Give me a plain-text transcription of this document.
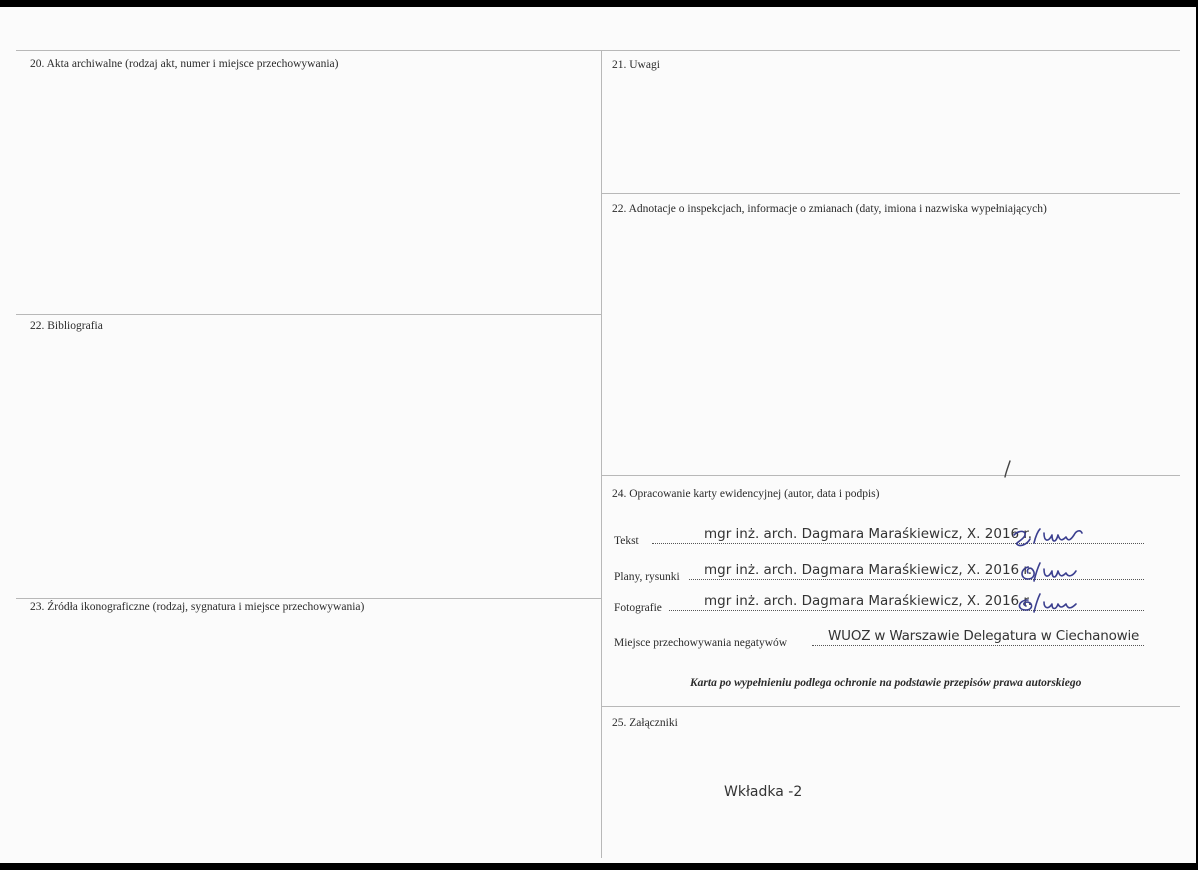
20. Akta archiwalne (rodzaj akt, numer i miejsce przechowywania)	21. Uwagi
22. Adnotacje o inspekcjach, informacje o zmianach (daty, imiona i nazwiska wypełniających)
22. Bibliografia
23. Źródła ikonograficzne (rodzaj, sygnatura i miejsce przechowywania)
24. Opracowanie karty ewidencyjnej (autor, data i podpis)
25. Załączniki
Tekst	mgr inż. arch. Dagmara Maraśkiewicz, X. 2016 r.
Plany, rysunki mgr inż. arch. Dagmara Maraśkiewicz, X. 2016 r.
Fotografie	mgr inż. arch. Dagmara Maraśkiewicz, X. 2016 r.
Miejsce przechowywania negatywów	WUOZ w Warszawie Delegatura w Ciechanowie
Karta po wypełnieniu podlega ochronie na podstawie przepisów prawa autorskiego
Wkładka -2
